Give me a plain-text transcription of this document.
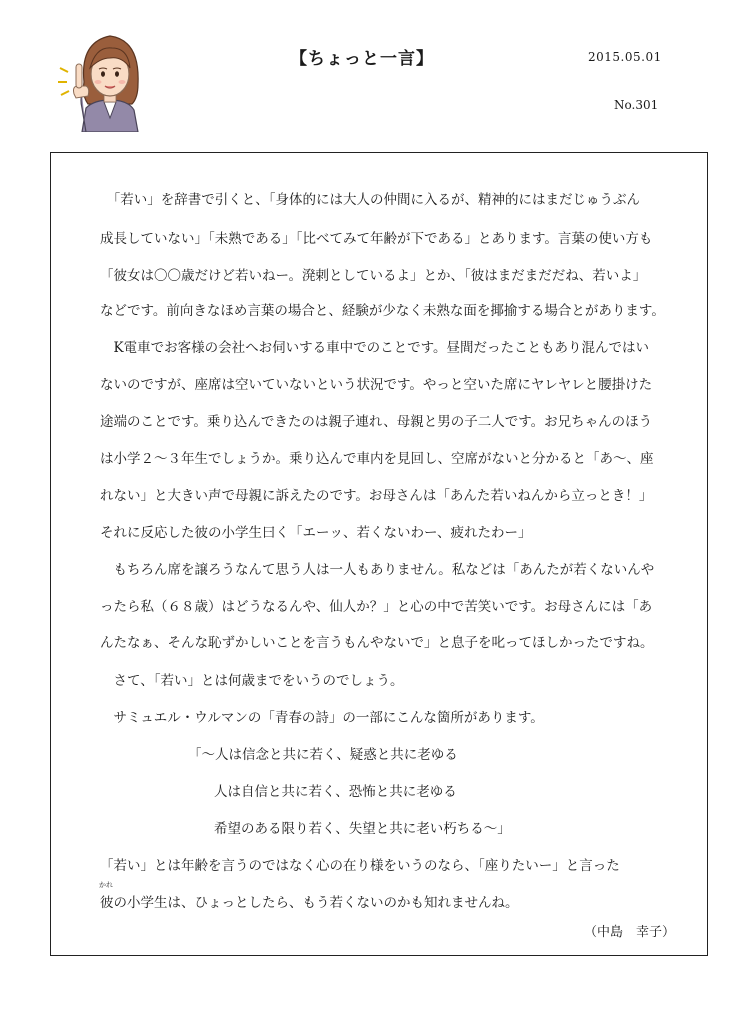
【ちょっと一言】	2015.05.01
No.301
　「若い」を辞書で引くと、「身体的には大人の仲間に入るが、精神的にはまだじゅうぶん
成長していない」「未熟である」「比べてみて年齢が下である」とあります。言葉の使い方も
「彼女は〇〇歳だけど若いねー。溌剌としているよ」とか、「彼はまだまだだね、若いよ」
などです。前向きなほめ言葉の場合と、経験が少なく未熟な面を揶揄する場合とがあります。
　K電車でお客様の会社へお伺いする車中でのことです。昼間だったこともあり混んではい
ないのですが、座席は空いていないという状況です。やっと空いた席にヤレヤレと腰掛けた
途端のことです。乗り込んできたのは親子連れ、母親と男の子二人です。お兄ちゃんのほう
は小学２～３年生でしょうか。乗り込んで車内を見回し、空席がないと分かると「あ～、座
れない」と大きい声で母親に訴えたのです。お母さんは「あんた若いねんから立っとき！」
それに反応した彼の小学生曰く「エーッ、若くないわー、疲れたわー」
　もちろん席を譲ろうなんて思う人は一人もありません。私などは「あんたが若くないんや
ったら私（６８歳）はどうなるんや、仙人か？」と心の中で苦笑いです。お母さんには「あ
んたなぁ、そんな恥ずかしいことを言うもんやないで」と息子を叱ってほしかったですね。
　さて、「若い」とは何歳までをいうのでしょう。
　サミュエル・ウルマンの「青春の詩」の一部にこんな箇所があります。
「～人は信念と共に若く、疑惑と共に老ゆる
人は自信と共に若く、恐怖と共に老ゆる
希望のある限り若く、失望と共に老い朽ちる～」
「若い」とは年齢を言うのではなく心の在り様をいうのなら、「座りたいー」と言った
彼の小学生は、ひょっとしたら、もう若くないのかも知れませんね。
かれ
（中島　幸子）
